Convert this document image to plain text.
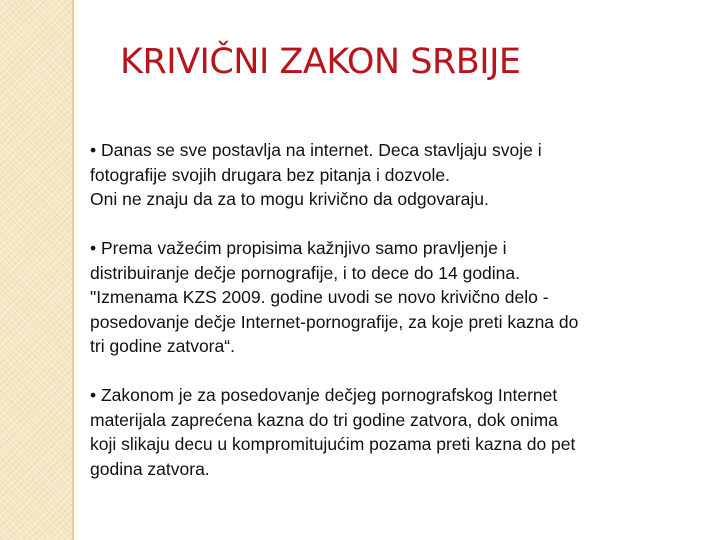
KRIVIČNI ZAKON SRBIJE

• Danas se sve postavlja na internet. Deca stavljaju svoje i
fotografije svojih drugara bez pitanja i dozvole.
Oni ne znaju da za to mogu krivično da odgovaraju.

• Prema važećim propisima kažnjivo samo pravljenje i
distribuiranje dečje pornografije, i to dece do 14 godina.
"Izmenama KZS 2009. godine uvodi se novo krivično delo -
posedovanje dečje Internet-pornografije, za koje preti kazna do
tri godine zatvora“.

• Zakonom je za posedovanje dečjeg pornografskog Internet
materijala zaprećena kazna do tri godine zatvora, dok onima
koji slikaju decu u kompromitujućim pozama preti kazna do pet
godina zatvora.
